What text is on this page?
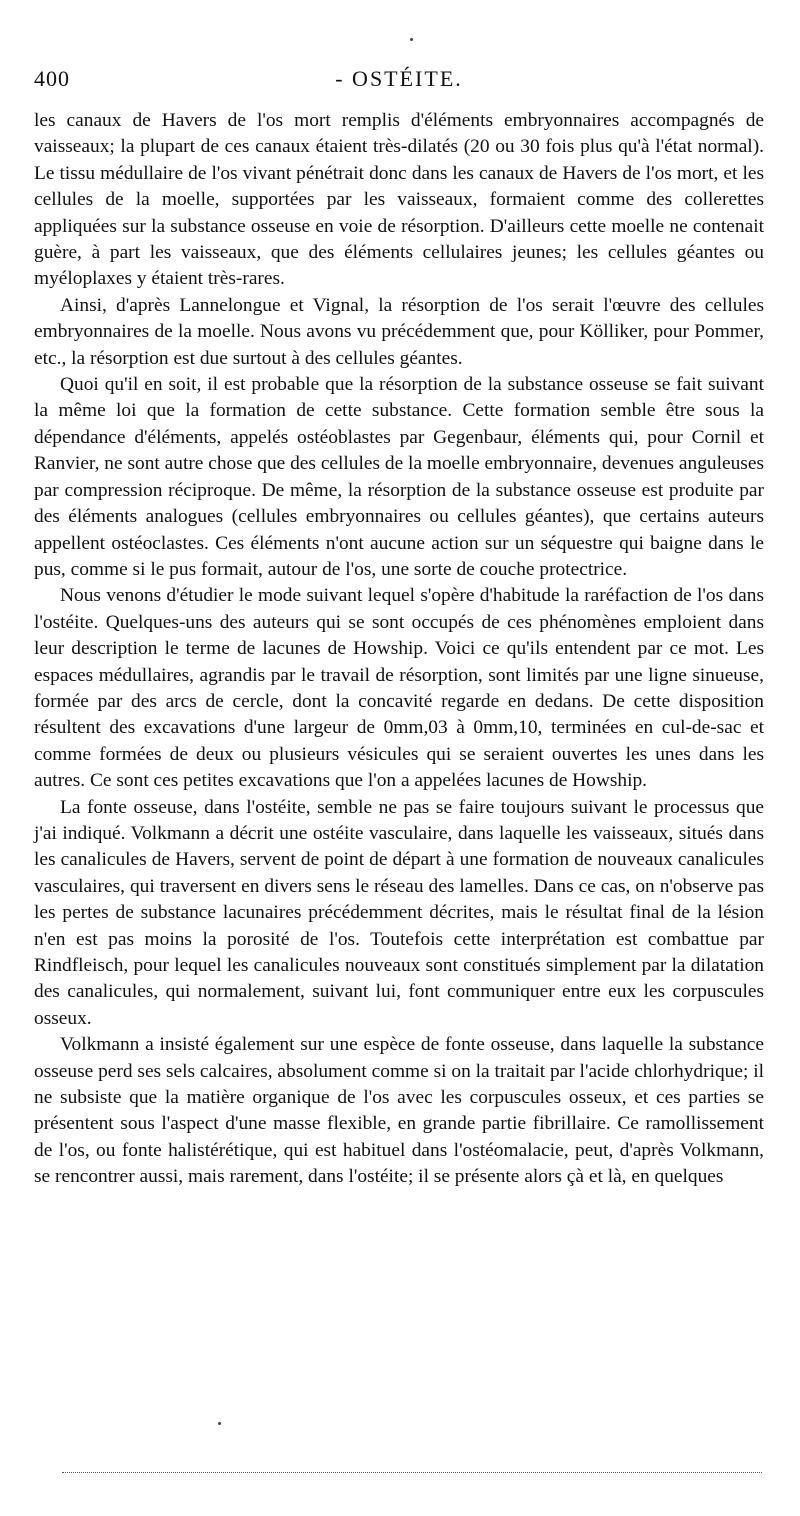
400	- OSTÉITE.

les canaux de Havers de l'os mort remplis d'éléments embryonnaires accompagnés de vaisseaux; la plupart de ces canaux étaient très-dilatés (20 ou 30 fois plus qu'à l'état normal). Le tissu médullaire de l'os vivant pénétrait donc dans les canaux de Havers de l'os mort, et les cellules de la moelle, supportées par les vaisseaux, formaient comme des collerettes appliquées sur la substance osseuse en voie de résorption. D'ailleurs cette moelle ne contenait guère, à part les vaisseaux, que des éléments cellulaires jeunes; les cellules géantes ou myéloplaxes y étaient très-rares.

Ainsi, d'après Lannelongue et Vignal, la résorption de l'os serait l'œuvre des cellules embryonnaires de la moelle. Nous avons vu précédemment que, pour Kölliker, pour Pommer, etc., la résorption est due surtout à des cellules géantes.

Quoi qu'il en soit, il est probable que la résorption de la substance osseuse se fait suivant la même loi que la formation de cette substance. Cette formation semble être sous la dépendance d'éléments, appelés ostéoblastes par Gegenbaur, éléments qui, pour Cornil et Ranvier, ne sont autre chose que des cellules de la moelle embryonnaire, devenues anguleuses par compression réciproque. De même, la résorption de la substance osseuse est produite par des éléments analogues (cellules embryonnaires ou cellules géantes), que certains auteurs appellent ostéoclastes. Ces éléments n'ont aucune action sur un séquestre qui baigne dans le pus, comme si le pus formait, autour de l'os, une sorte de couche protectrice.

Nous venons d'étudier le mode suivant lequel s'opère d'habitude la raréfaction de l'os dans l'ostéite. Quelques-uns des auteurs qui se sont occupés de ces phénomènes emploient dans leur description le terme de lacunes de Howship. Voici ce qu'ils entendent par ce mot. Les espaces médullaires, agrandis par le travail de résorption, sont limités par une ligne sinueuse, formée par des arcs de cercle, dont la concavité regarde en dedans. De cette disposition résultent des excavations d'une largeur de 0mm,03 à 0mm,10, terminées en cul-de-sac et comme formées de deux ou plusieurs vésicules qui se seraient ouvertes les unes dans les autres. Ce sont ces petites excavations que l'on a appelées lacunes de Howship.

La fonte osseuse, dans l'ostéite, semble ne pas se faire toujours suivant le processus que j'ai indiqué. Volkmann a décrit une ostéite vasculaire, dans laquelle les vaisseaux, situés dans les canalicules de Havers, servent de point de départ à une formation de nouveaux canalicules vasculaires, qui traversent en divers sens le réseau des lamelles. Dans ce cas, on n'observe pas les pertes de substance lacunaires précédemment décrites, mais le résultat final de la lésion n'en est pas moins la porosité de l'os. Toutefois cette interprétation est combattue par Rindfleisch, pour lequel les canalicules nouveaux sont constitués simplement par la dilatation des canalicules, qui normalement, suivant lui, font communiquer entre eux les corpuscules osseux.

Volkmann a insisté également sur une espèce de fonte osseuse, dans laquelle la substance osseuse perd ses sels calcaires, absolument comme si on la traitait par l'acide chlorhydrique; il ne subsiste que la matière organique de l'os avec les corpuscules osseux, et ces parties se présentent sous l'aspect d'une masse flexible, en grande partie fibrillaire. Ce ramollissement de l'os, ou fonte halistérétique, qui est habituel dans l'ostéomalacie, peut, d'après Volkmann, se rencontrer aussi, mais rarement, dans l'ostéite; il se présente alors çà et là, en quelques
